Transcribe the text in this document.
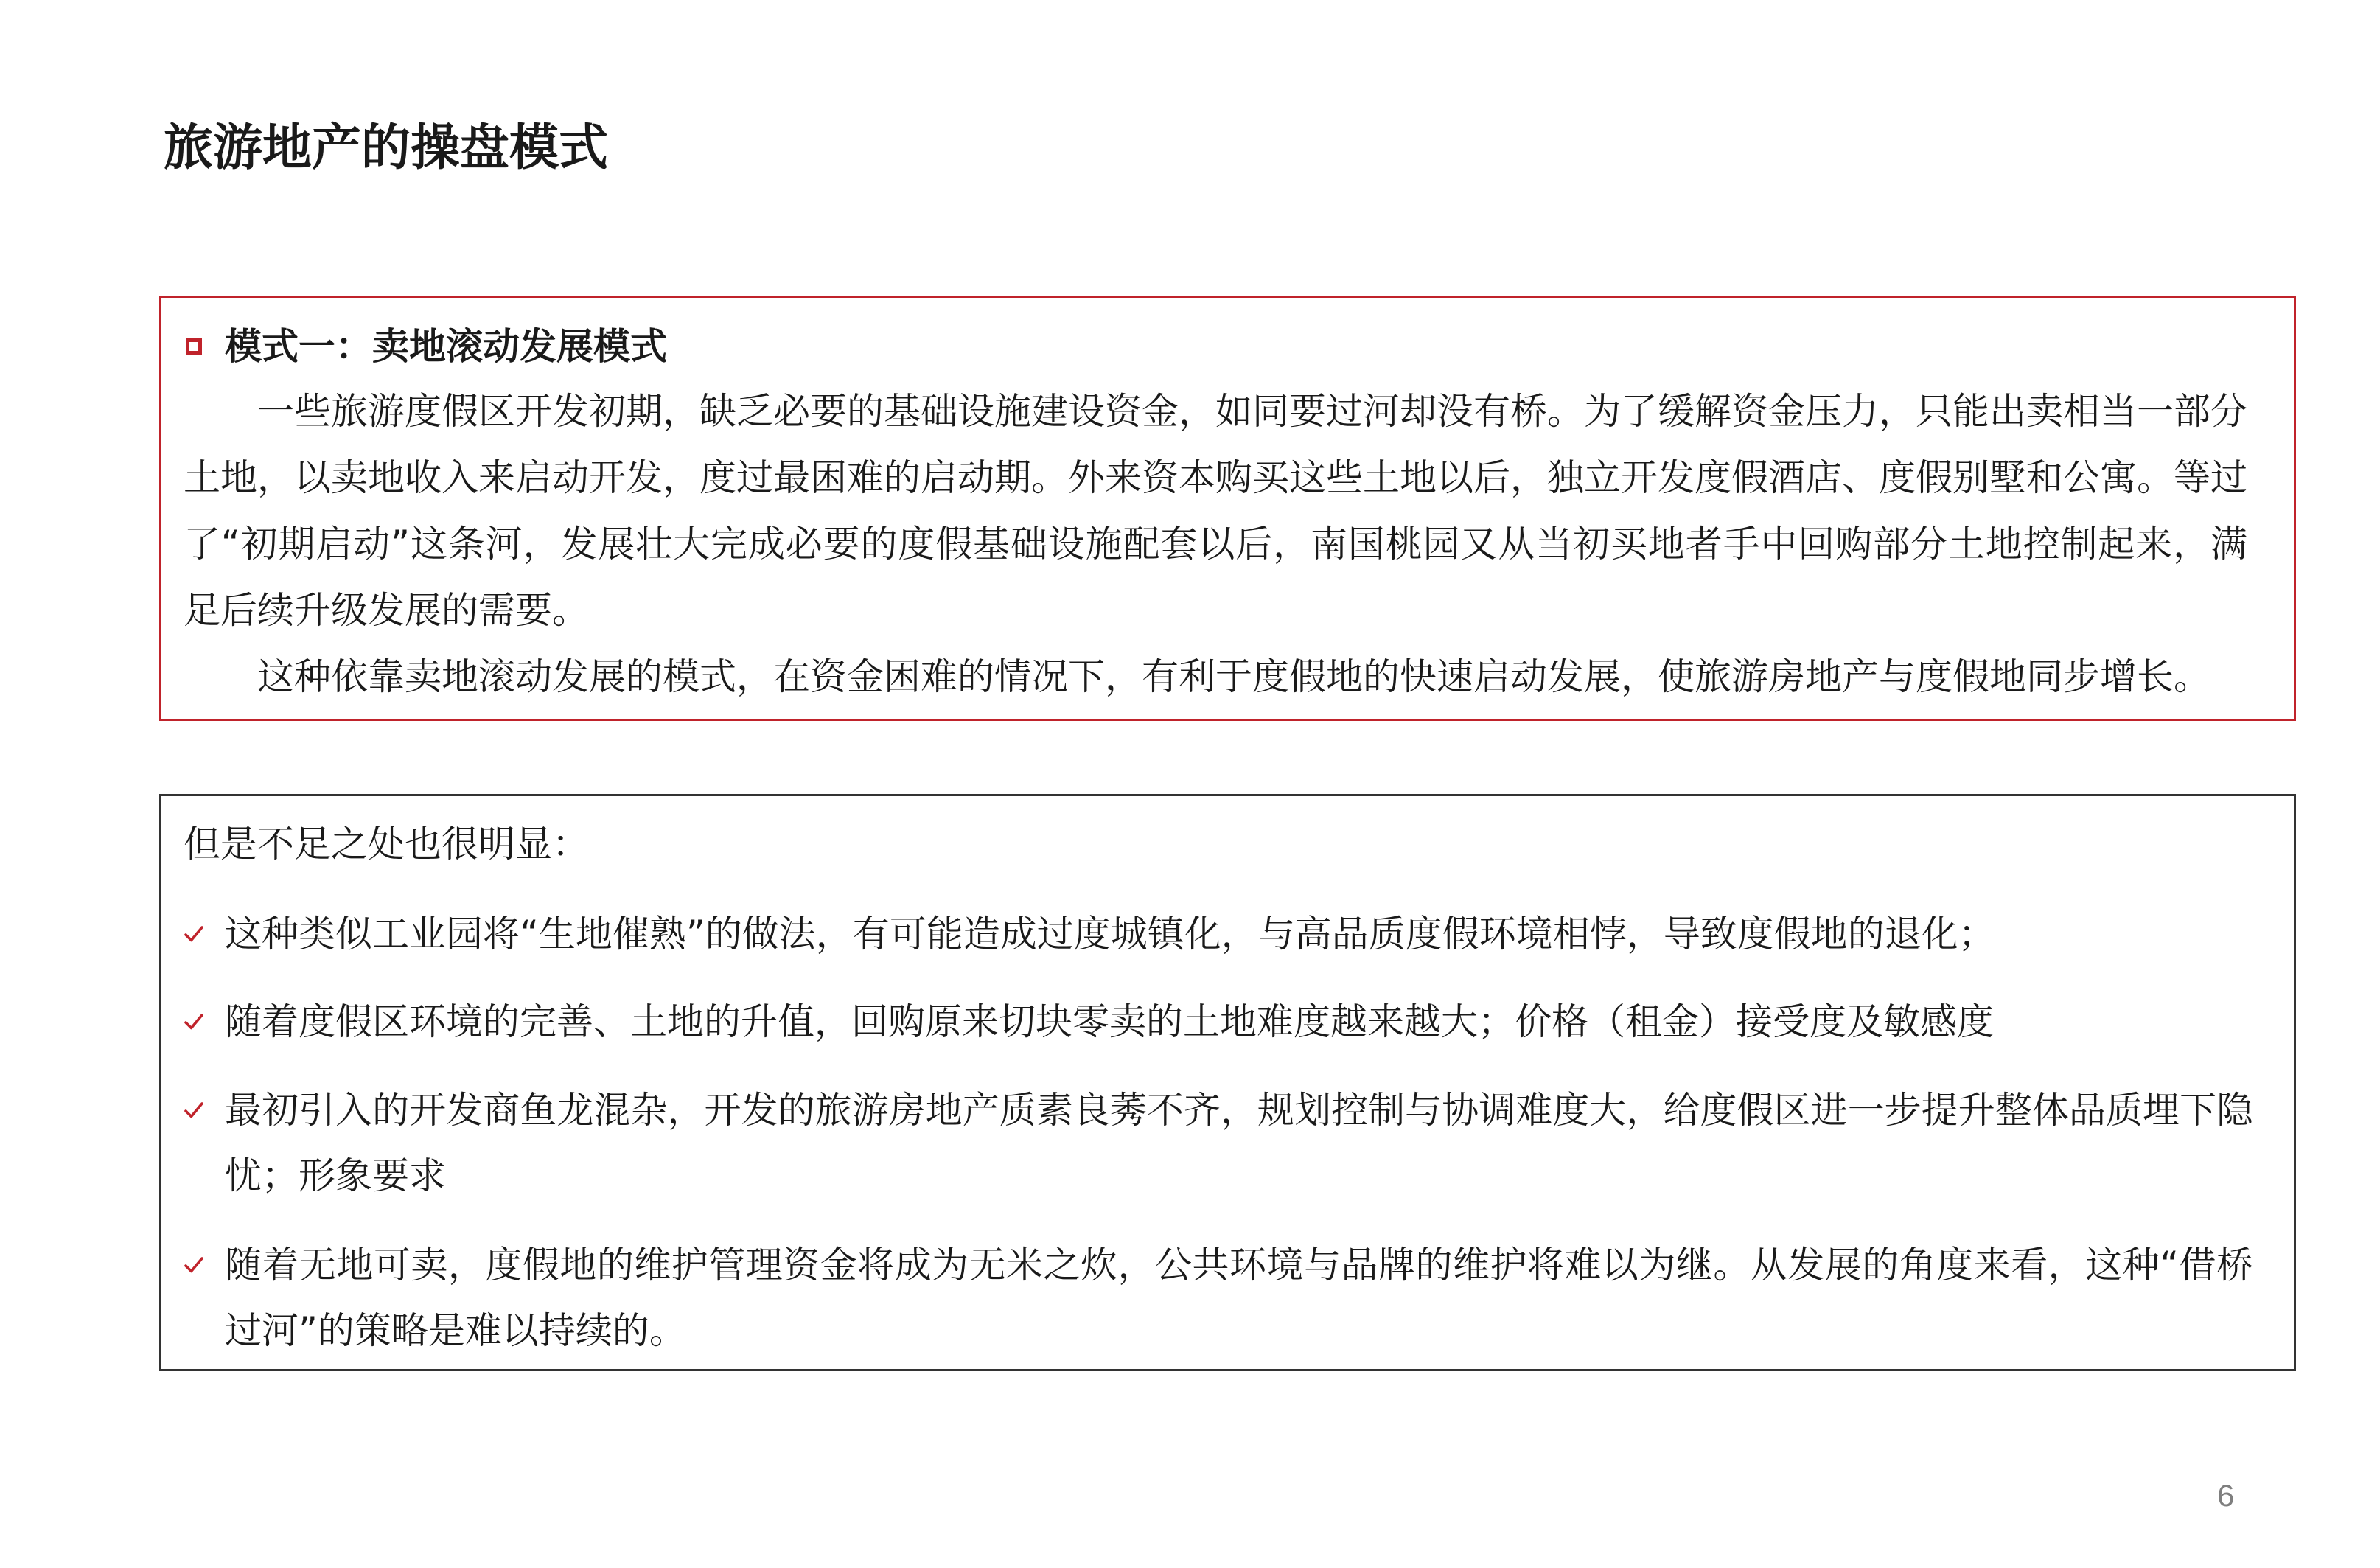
旅游地产的操盘模式
模式一：卖地滚动发展模式
一些旅游度假区开发初期，缺乏必要的基础设施建设资金，如同要过河却没有桥。为了缓解资金压力，只能出卖相当一部分
土地，以卖地收入来启动开发，度过最困难的启动期。外来资本购买这些土地以后，独立开发度假酒店、度假别墅和公寓。等过
了“初期启动”这条河，发展壮大完成必要的度假基础设施配套以后，南国桃园又从当初买地者手中回购部分土地控制起来，满
足后续升级发展的需要。
这种依靠卖地滚动发展的模式，在资金困难的情况下，有利于度假地的快速启动发展，使旅游房地产与度假地同步增长。
但是不足之处也很明显：
这种类似工业园将“生地催熟”的做法，有可能造成过度城镇化，与高品质度假环境相悖，导致度假地的退化；
随着度假区环境的完善、土地的升值，回购原来切块零卖的土地难度越来越大；价格（租金）接受度及敏感度
最初引入的开发商鱼龙混杂，开发的旅游房地产质素良莠不齐，规划控制与协调难度大，给度假区进一步提升整体品质埋下隐
忧；形象要求
随着无地可卖，度假地的维护管理资金将成为无米之炊，公共环境与品牌的维护将难以为继。从发展的角度来看，这种“借桥
过河”的策略是难以持续的。
6
